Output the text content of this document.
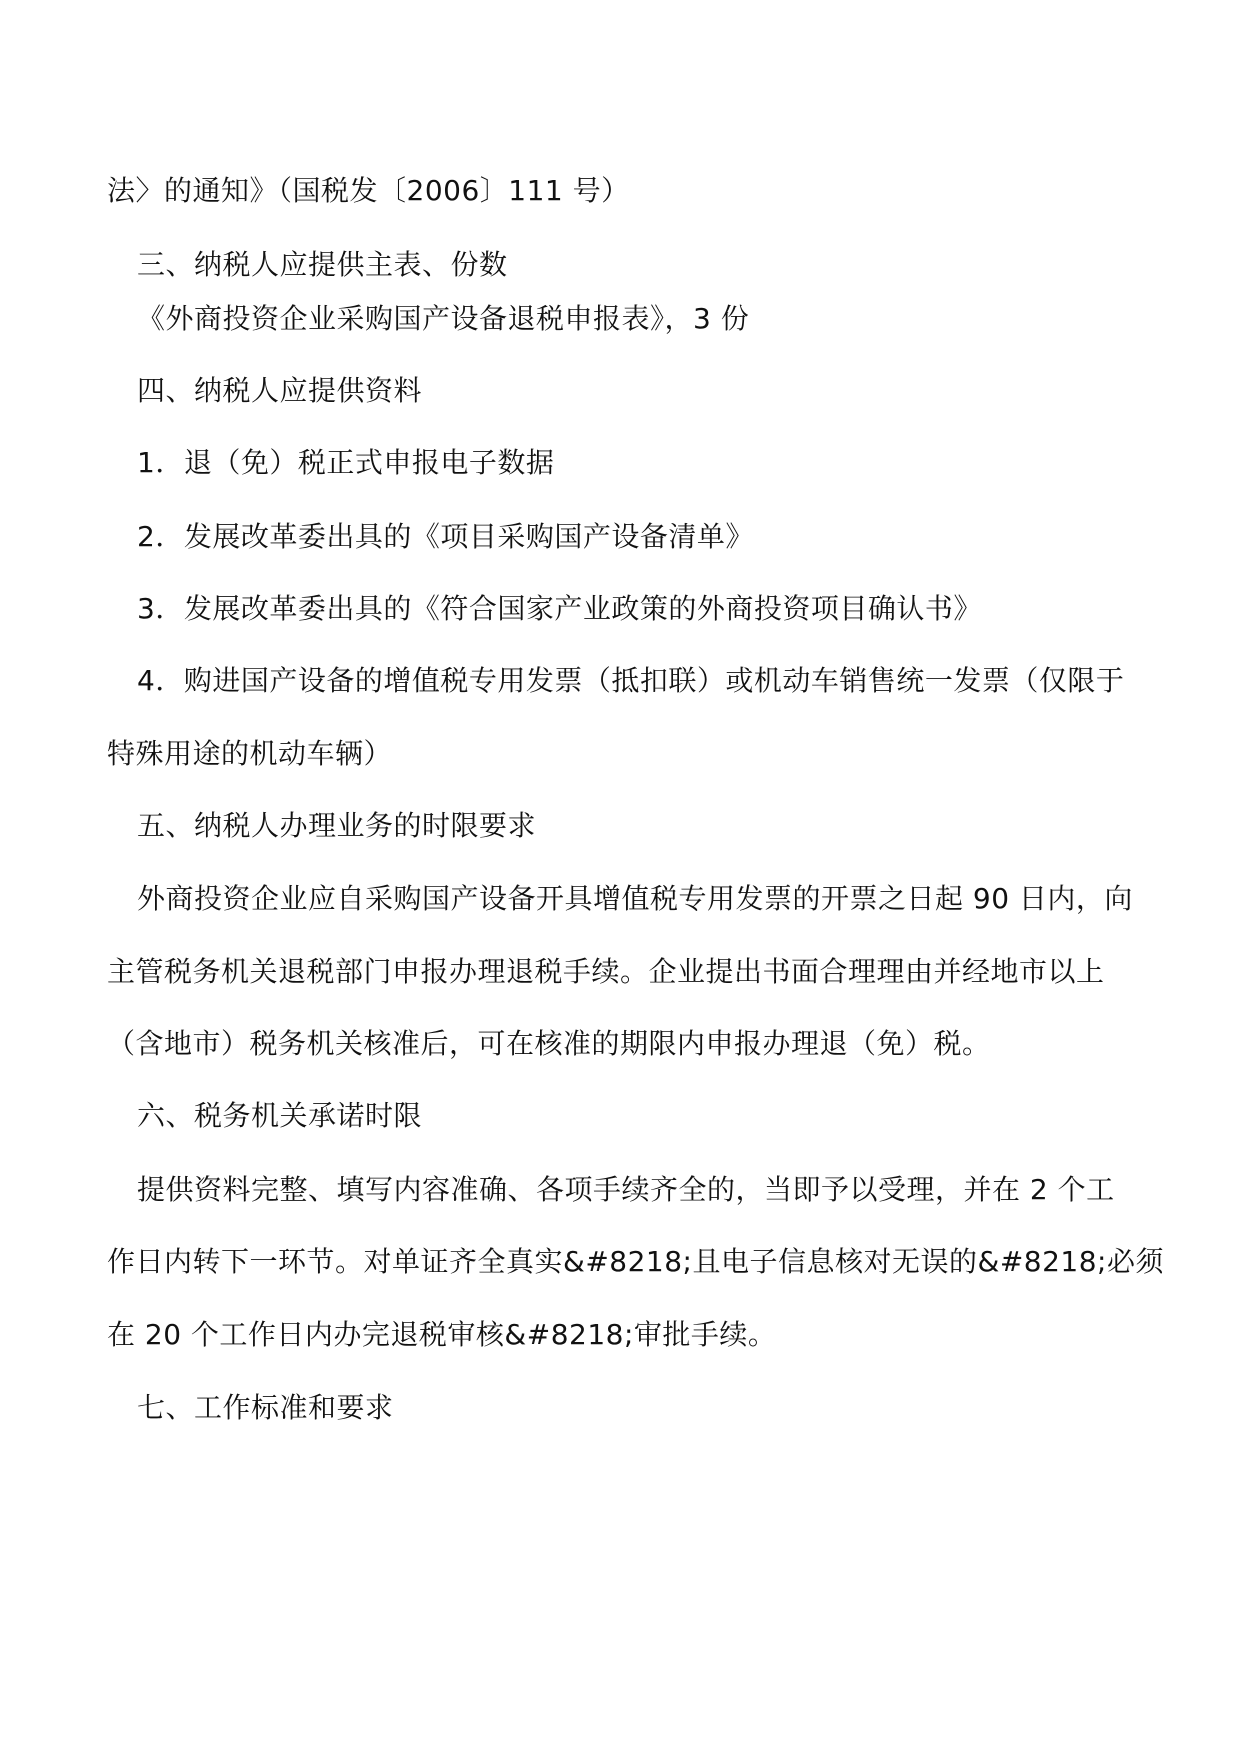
法〉的通知》（国税发〔2006〕111 号）
三、纳税人应提供主表、份数
《外商投资企业采购国产设备退税申报表》，3 份
四、纳税人应提供资料
1．退（免）税正式申报电子数据
2．发展改革委出具的《项目采购国产设备清单》
3．发展改革委出具的《符合国家产业政策的外商投资项目确认书》
4．购进国产设备的增值税专用发票（抵扣联）或机动车销售统一发票（仅限于
特殊用途的机动车辆）
五、纳税人办理业务的时限要求
外商投资企业应自采购国产设备开具增值税专用发票的开票之日起 90 日内，向
主管税务机关退税部门申报办理退税手续。企业提出书面合理理由并经地市以上
（含地市）税务机关核准后，可在核准的期限内申报办理退（免）税。
六、税务机关承诺时限
提供资料完整、填写内容准确、各项手续齐全的，当即予以受理，并在 2 个工
作日内转下一环节。对单证齐全真实&#8218;且电子信息核对无误的&#8218;必须
在 20 个工作日内办完退税审核&#8218;审批手续。
七、工作标准和要求
